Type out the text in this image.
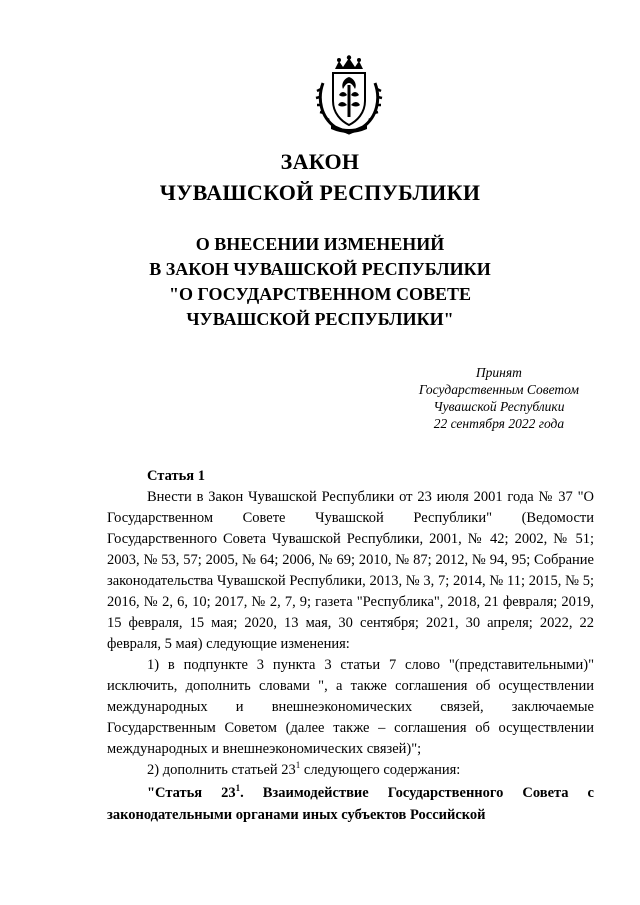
ЗАКОН
ЧУВАШСКОЙ РЕСПУБЛИКИ
О ВНЕСЕНИИ ИЗМЕНЕНИЙ
В ЗАКОН ЧУВАШСКОЙ РЕСПУБЛИКИ
"О ГОСУДАРСТВЕННОМ СОВЕТЕ
ЧУВАШСКОЙ РЕСПУБЛИКИ"
Принят
Государственным Советом
Чувашской Республики
22 сентября 2022 года
Статья 1

Внести в Закон Чувашской Республики от 23 июля 2001 года № 37 "О Государственном Совете Чувашской Республики" (Ведомости Государственного Совета Чувашской Республики, 2001, № 42; 2002, № 51; 2003, № 53, 57; 2005, № 64; 2006, № 69; 2010, № 87; 2012, № 94, 95; Собрание законодательства Чувашской Республики, 2013, № 3, 7; 2014, № 11; 2015, № 5; 2016, № 2, 6, 10; 2017, № 2, 7, 9; газета "Республика", 2018, 21 февраля; 2019, 15 февраля, 15 мая; 2020, 13 мая, 30 сентября; 2021, 30 апреля; 2022, 22 февраля, 5 мая) следующие изменения:

1) в подпункте 3 пункта 3 статьи 7 слово "(представительными)" исключить, дополнить словами ", а также соглашения об осуществлении международных и внешнеэкономических связей, заключаемые Государственным Советом (далее также – соглашения об осуществлении международных и внешнеэкономических связей)";

2) дополнить статьей $23^1$ следующего содержания:

"Статья $23^1$. Взаимодействие Государственного Совета с законодательными органами иных субъектов Российской
